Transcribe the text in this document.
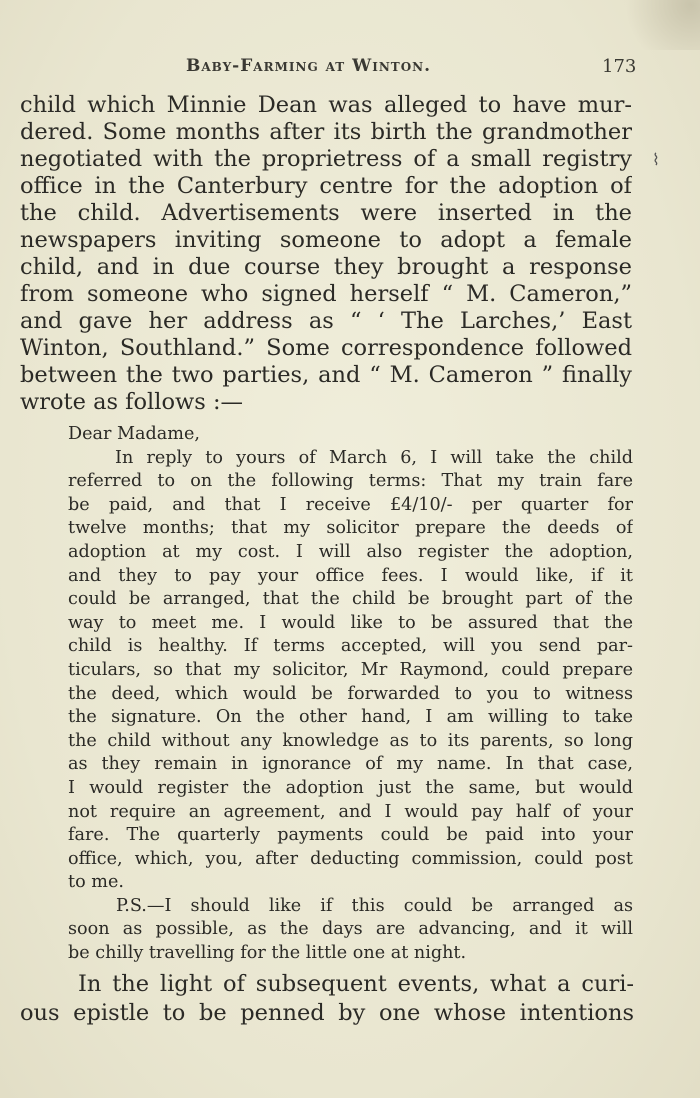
Baby-Farming at Winton.	173
⌇
child which Minnie Dean was alleged to have mur-
dered. Some months after its birth the grandmother
negotiated with the proprietress of a small registry
office in the Canterbury centre for the adoption of
the child. Advertisements were inserted in the
newspapers inviting someone to adopt a female
child, and in due course they brought a response
from someone who signed herself “ M. Cameron,”
and gave her address as “ ‘ The Larches,’ East
Winton, Southland.” Some correspondence followed
between the two parties, and “ M. Cameron ” finally
wrote as follows :—
Dear Madame,
In reply to yours of March 6, I will take the child
referred to on the following terms: That my train fare
be paid, and that I receive £4/10/- per quarter for
twelve months; that my solicitor prepare the deeds of
adoption at my cost. I will also register the adoption,
and they to pay your office fees. I would like, if it
could be arranged, that the child be brought part of the
way to meet me. I would like to be assured that the
child is healthy. If terms accepted, will you send par-
ticulars, so that my solicitor, Mr Raymond, could prepare
the deed, which would be forwarded to you to witness
the signature. On the other hand, I am willing to take
the child without any knowledge as to its parents, so long
as they remain in ignorance of my name. In that case,
I would register the adoption just the same, but would
not require an agreement, and I would pay half of your
fare. The quarterly payments could be paid into your
office, which, you, after deducting commission, could post
to me.
P.S.—I should like if this could be arranged as
soon as possible, as the days are advancing, and it will
be chilly travelling for the little one at night.
In the light of subsequent events, what a curi-
ous epistle to be penned by one whose intentions
